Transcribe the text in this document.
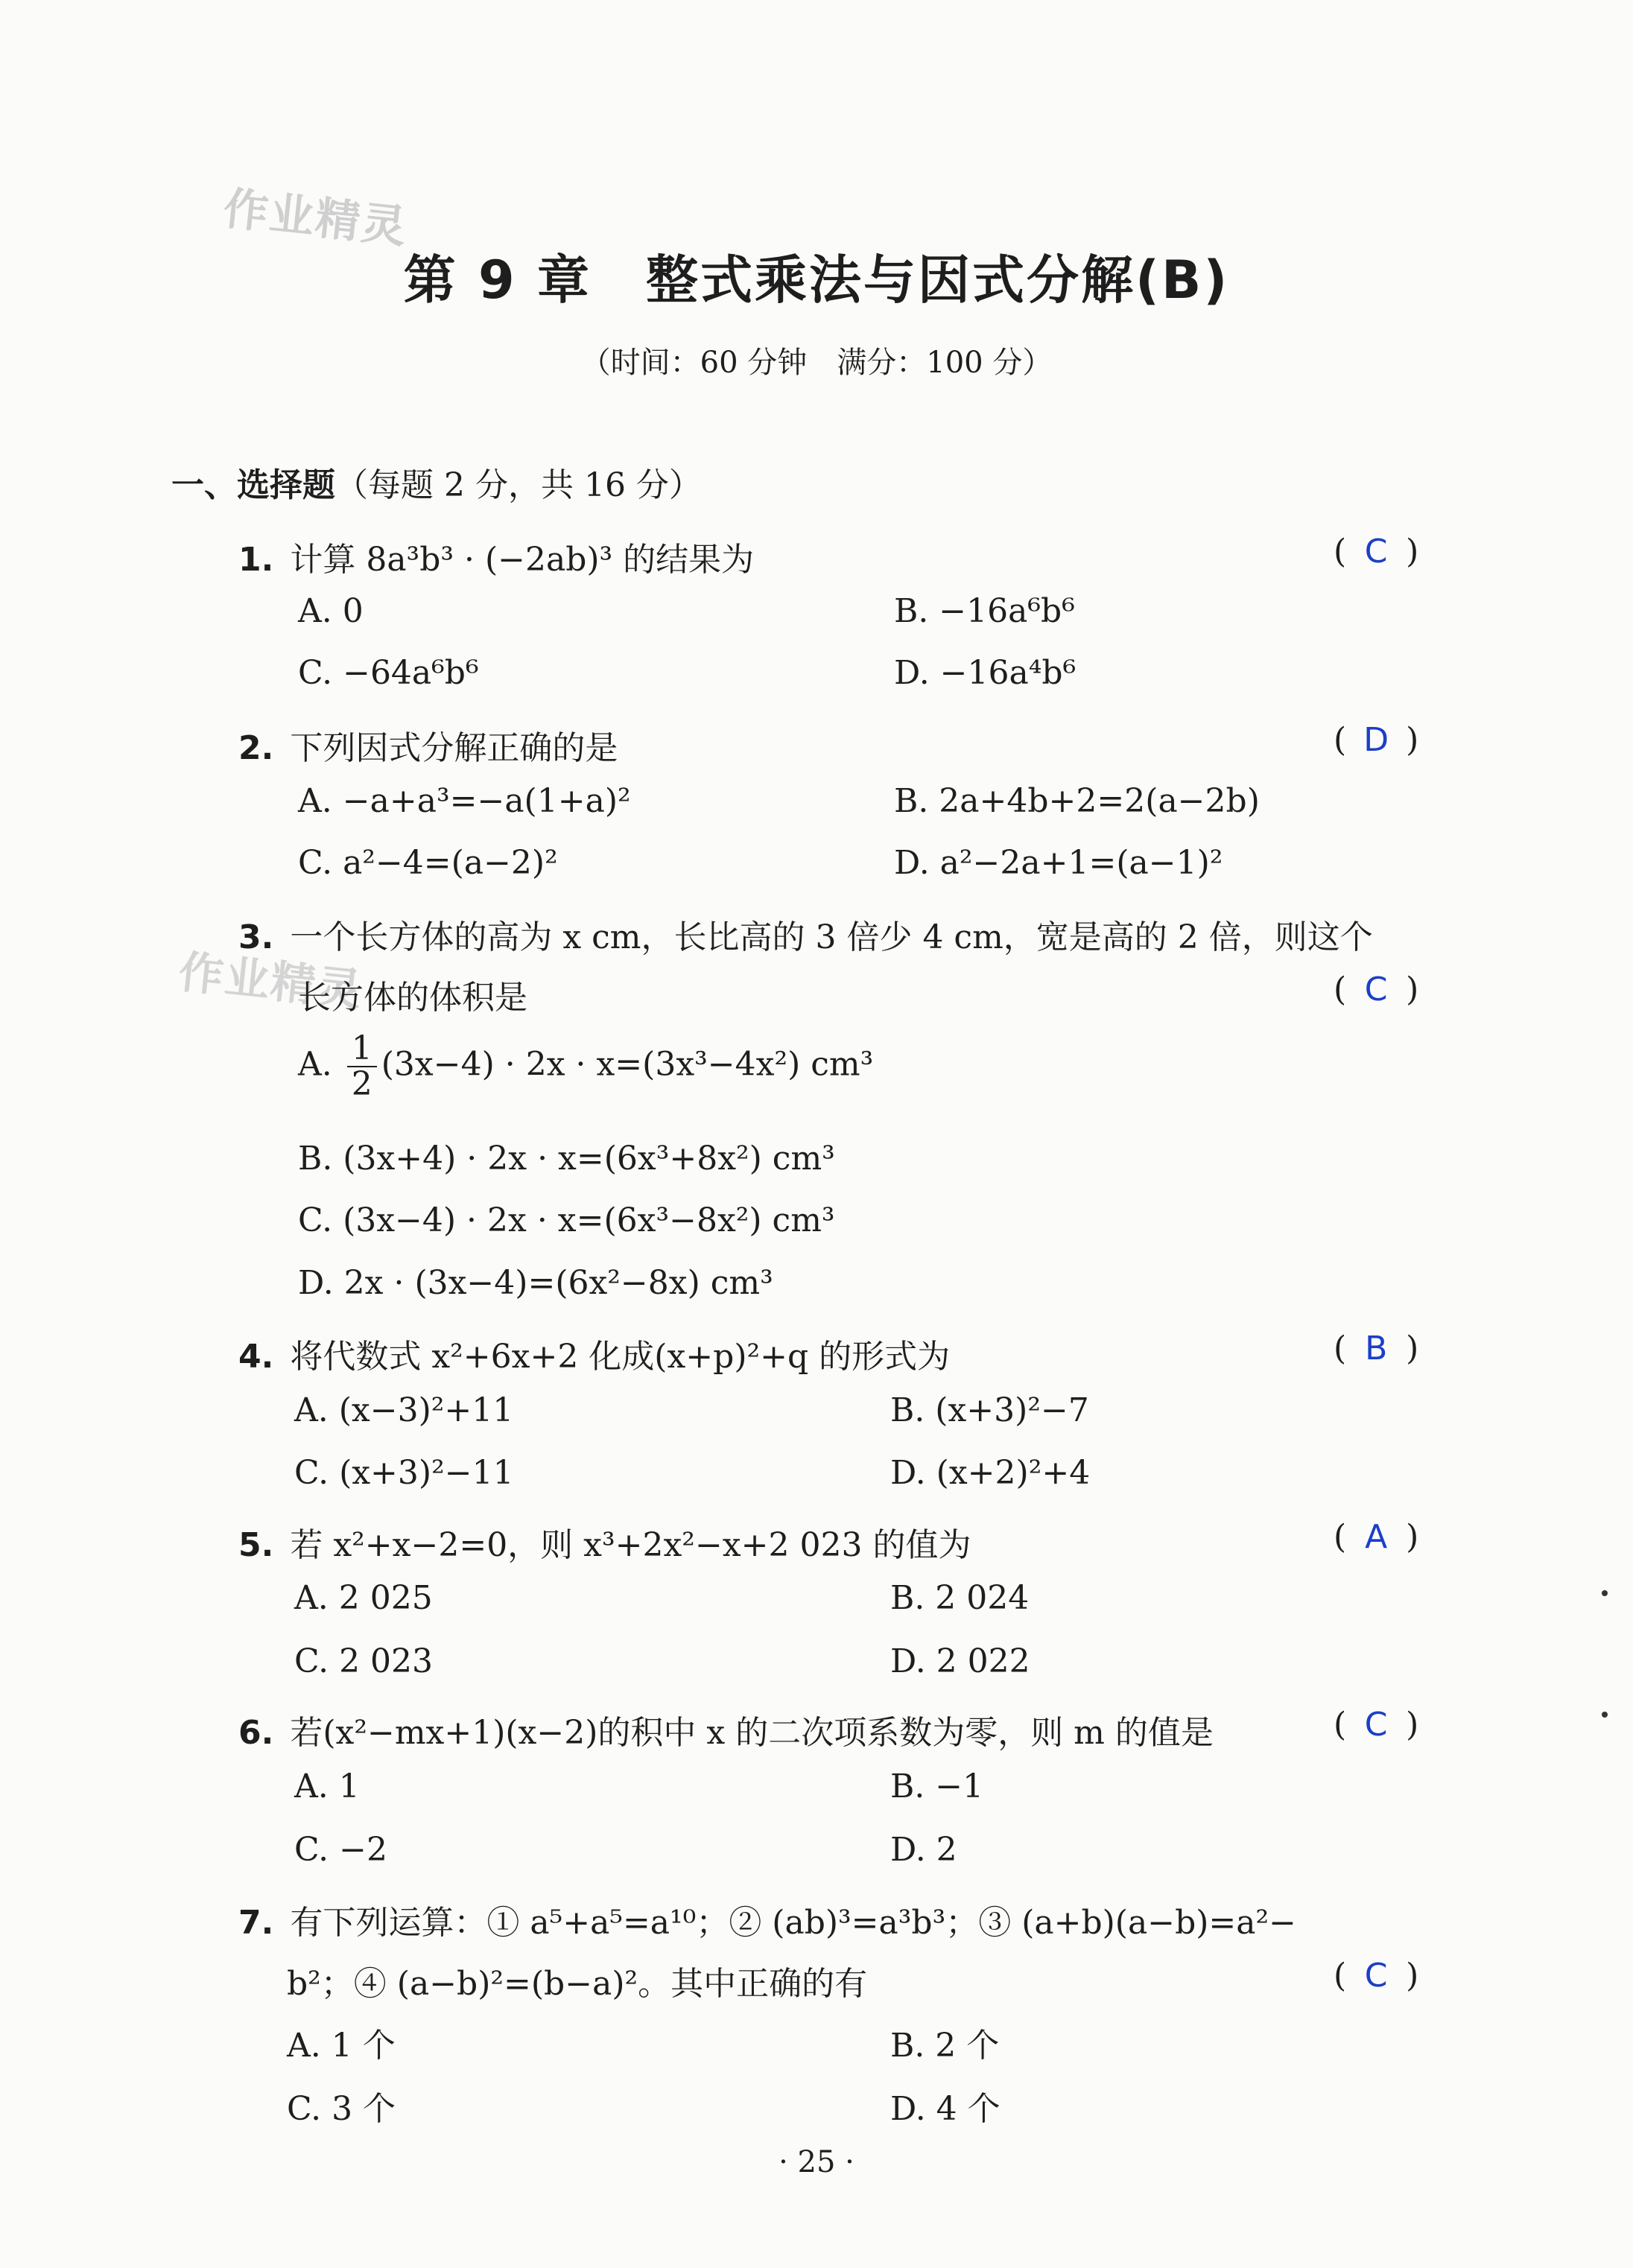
作业精灵
作业精灵
第 9 章　整式乘法与因式分解(B)
（时间：60 分钟　满分：100 分）
一、选择题（每题 2 分，共 16 分）
1. 计算 8a³b³ · (−2ab)³ 的结果为	( C )
A. 0	B. −16a⁶b⁶
C. −64a⁶b⁶	D. −16a⁴b⁶
2. 下列因式分解正确的是	( D )
A. −a+a³=−a(1+a)²	B. 2a+4b+2=2(a−2b)
C. a²−4=(a−2)²	D. a²−2a+1=(a−1)²
3. 一个长方体的高为 x cm，长比高的 3 倍少 4 cm，宽是高的 2 倍，则这个
长方体的体积是	( C )
A. $\frac{1}{2} (3x-4) \cdot 2x \cdot x=(3x^3-4x^2)$ cm³
B. (3x+4) · 2x · x=(6x³+8x²) cm³
C. (3x−4) · 2x · x=(6x³−8x²) cm³
D. 2x · (3x−4)=(6x²−8x) cm³
4. 将代数式 x²+6x+2 化成(x+p)²+q 的形式为	( B )
A. (x−3)²+11	B. (x+3)²−7
C. (x+3)²−11	D. (x+2)²+4
5. 若 x²+x−2=0，则 x³+2x²−x+2 023 的值为	( A )
A. 2 025	B. 2 024
C. 2 023	D. 2 022
6. 若(x²−mx+1)(x−2)的积中 x 的二次项系数为零，则 m 的值是	( C )
A. 1	B. −1
C. −2	D. 2
7. 有下列运算：① a⁵+a⁵=a¹⁰；② (ab)³=a³b³；③ (a+b)(a−b)=a²−
b²；④ (a−b)²=(b−a)²。其中正确的有	( C )
A. 1 个	B. 2 个
C. 3 个	D. 4 个
· 25 ·
